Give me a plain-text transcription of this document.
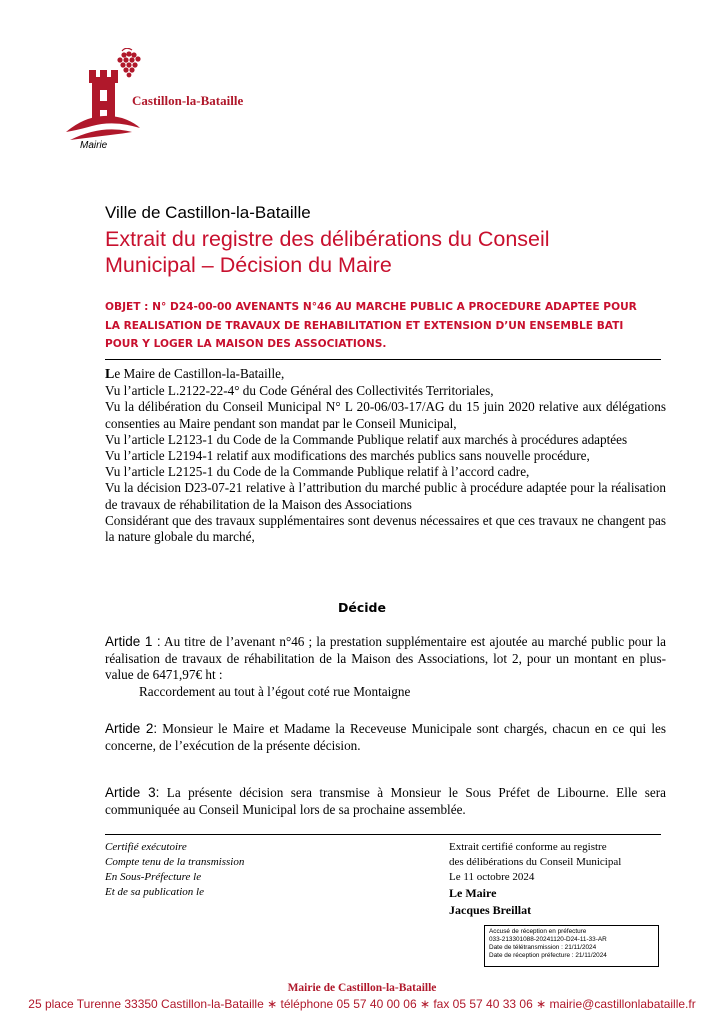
Castillon-la-Bataille
Mairie
Ville de Castillon-la-Bataille
Extrait du registre des délibérations du Conseil
Municipal – Décision du Maire
OBJET : N° D24-00-00 AVENANTS N°46 AU MARCHE PUBLIC A PROCEDURE ADAPTEE POUR
LA REALISATION DE TRAVAUX DE REHABILITATION ET EXTENSION D’UN ENSEMBLE BATI
POUR Y LOGER LA MAISON DES ASSOCIATIONS.

Le Maire de Castillon-la-Bataille,

Vu l’article L.2122-22-4° du Code Général des Collectivités Territoriales,

Vu la délibération du Conseil Municipal N° L 20-06/03-17/AG du 15 juin 2020 relative aux délégations consenties au Maire pendant son mandat par le Conseil Municipal,

Vu l’article L2123-1 du Code de la Commande Publique relatif aux marchés à procédures adaptées

Vu l’article L2194-1 relatif aux modifications des marchés publics sans nouvelle procédure,

Vu l’article L2125-1 du Code de la Commande Publique relatif à l’accord cadre,

Vu la décision D23-07-21 relative à l’attribution du marché public à procédure adaptée pour la réalisation de travaux de réhabilitation de la Maison des Associations

Considérant que des travaux supplémentaires sont devenus nécessaires et que ces travaux ne changent pas la nature globale du marché,

Décide
Artide 1 : Au titre de l’avenant n°46 ; la prestation supplémentaire est ajoutée au marché public pour la réalisation de travaux de réhabilitation de la Maison des Associations, lot 2, pour un montant en plus-value de 6471,97€ ht :
Raccordement au tout à l’égout coté rue Montaigne
Artide 2: Monsieur le Maire et Madame la Receveuse Municipale sont chargés, chacun en ce qui les concerne, de l’exécution de la présente décision.
Artide 3: La présente décision sera transmise à Monsieur le Sous Préfet de Libourne. Elle sera communiquée au Conseil Municipal lors de sa prochaine assemblée.
Certifié exécutoire
Compte tenu de la transmission
En Sous-Préfecture le
Et de sa publication le
Extrait certifié conforme au registre
des délibérations du Conseil Municipal
Le 11 octobre 2024
Le Maire
Jacques Breillat
Accusé de réception en préfecture
033-213301088-20241120-D24-11-33-AR
Date de télétransmission : 21/11/2024
Date de réception préfecture : 21/11/2024
Mairie de Castillon-la-Bataille
25 place Turenne 33350 Castillon-la-Bataille ∗ téléphone 05 57 40 00 06 ∗ fax 05 57 40 33 06 ∗ mairie@castillonlabataille.fr
